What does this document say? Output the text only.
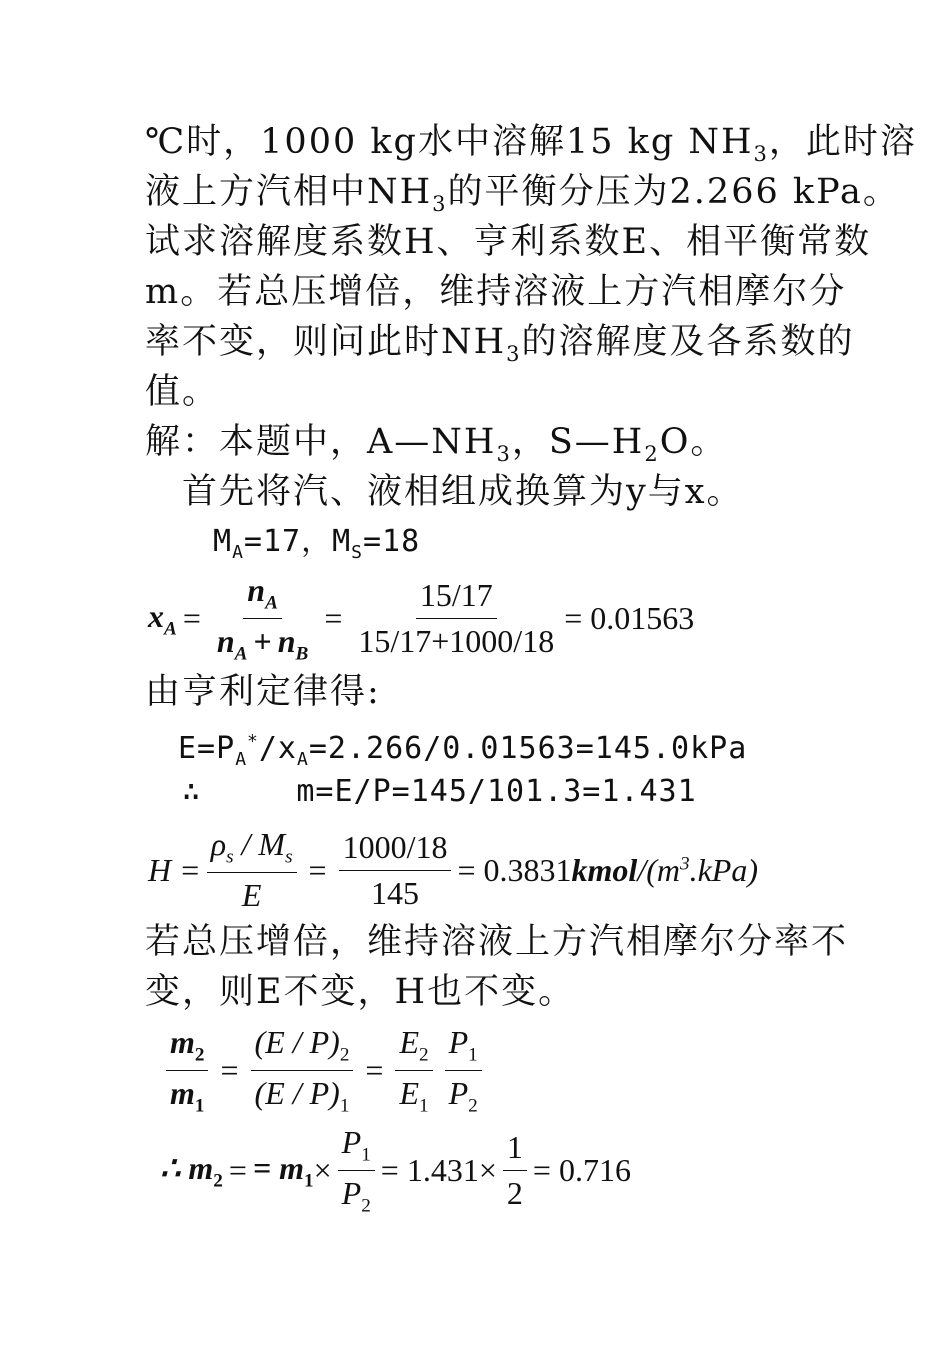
℃时，1000 kg水中溶解15 kg $NH_3$，此时溶
液上方汽相中$NH_3$的平衡分压为2.266 kPa。
试求溶解度系数H、亨利系数E、相平衡常数
m。若总压增倍，维持溶液上方汽相摩尔分
率不变，则问此时$NH_3$的溶解度及各系数的
值。
解：本题中，$A—NH_3$，$S—H_2O$。
首先将汽、液相组成换算为y与x。
$M_A=17$，$M_S=18$
$x_A = \frac{n_A}{n_A + n_B} = \frac{15/17}{15/17+1000/18} = 0.01563$
由亨利定律得:
$E=P_A^*/x_A=2.266/0.01563=145.0kPa$
∴     m=E/P=145/101.3=1.431
$H = \frac{\rho_s / M_s}{E} = \frac{1000/18}{145} = 0.3831$ kmol $/(m^3.kPa)$
若总压增倍，维持溶液上方汽相摩尔分率不
变，则E不变，H也不变。
$\frac{m_2}{m_1} = \frac{(E / P)_2}{(E / P)_1} = \frac{E_2}{E_1} \frac{P_1}{P_2}$
∴ $m_2$ = = $m_1 \times \frac{P_1}{P_2} = 1.431\times \frac{1}{2} = 0.716$
